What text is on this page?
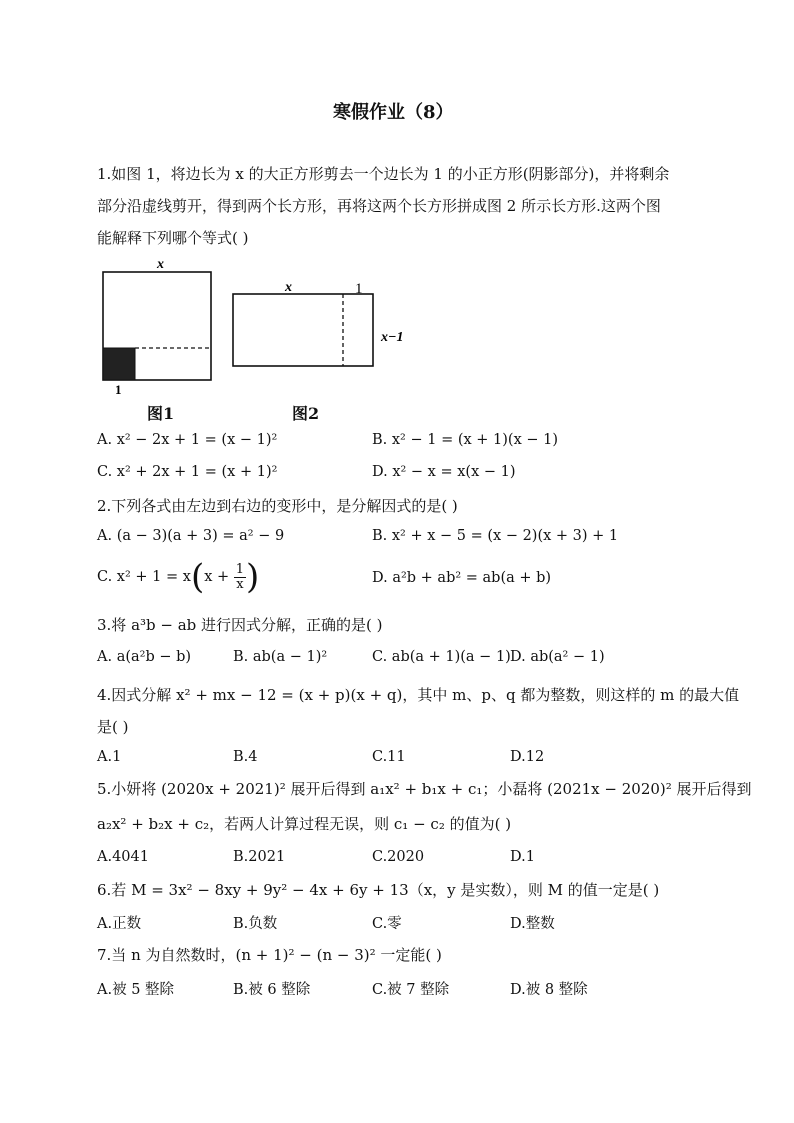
寒假作业（8）
1.如图 1，将边长为 x 的大正方形剪去一个边长为 1 的小正方形(阴影部分)，并将剩余
部分沿虚线剪开，得到两个长方形，再将这两个长方形拼成图 2 所示长方形.这两个图
能解释下列哪个等式( )
x
1
图1
x	1
x−1
图2
A. x² − 2x + 1 = (x − 1)²	B. x² − 1 = (x + 1)(x − 1)
C. x² + 2x + 1 = (x + 1)²	D. x² − x = x(x − 1)
2.下列各式由左边到右边的变形中，是分解因式的是( )
A. (a − 3)(a + 3) = a² − 9	B. x² + x − 5 = (x − 2)(x + 3) + 1
C. $x^2 + 1 = x(x + \frac{1}{x}$ )	D. a²b + ab² = ab(a + b)
3.将 a³b − ab 进行因式分解，正确的是( )
A. a(a²b − b)	B. ab(a − 1)²	C. ab(a + 1)(a − 1) D. ab(a² − 1)
4.因式分解 x² + mx − 12 = (x + p)(x + q)，其中 m、p、q 都为整数，则这样的 m 的最大值
是( )
A.1	B.4	C.11	D.12
5.小妍将 (2020x + 2021)² 展开后得到 a₁x² + b₁x + c₁；小磊将 (2021x − 2020)² 展开后得到
a₂x² + b₂x + c₂，若两人计算过程无误，则 c₁ − c₂ 的值为( )
A.4041	B.2021	C.2020	D.1
6.若 M = 3x² − 8xy + 9y² − 4x + 6y + 13（x，y 是实数），则 M 的值一定是( )
A.正数	B.负数	C.零	D.整数
7.当 n 为自然数时，(n + 1)² − (n − 3)² 一定能( )
A.被 5 整除	B.被 6 整除	C.被 7 整除	D.被 8 整除
